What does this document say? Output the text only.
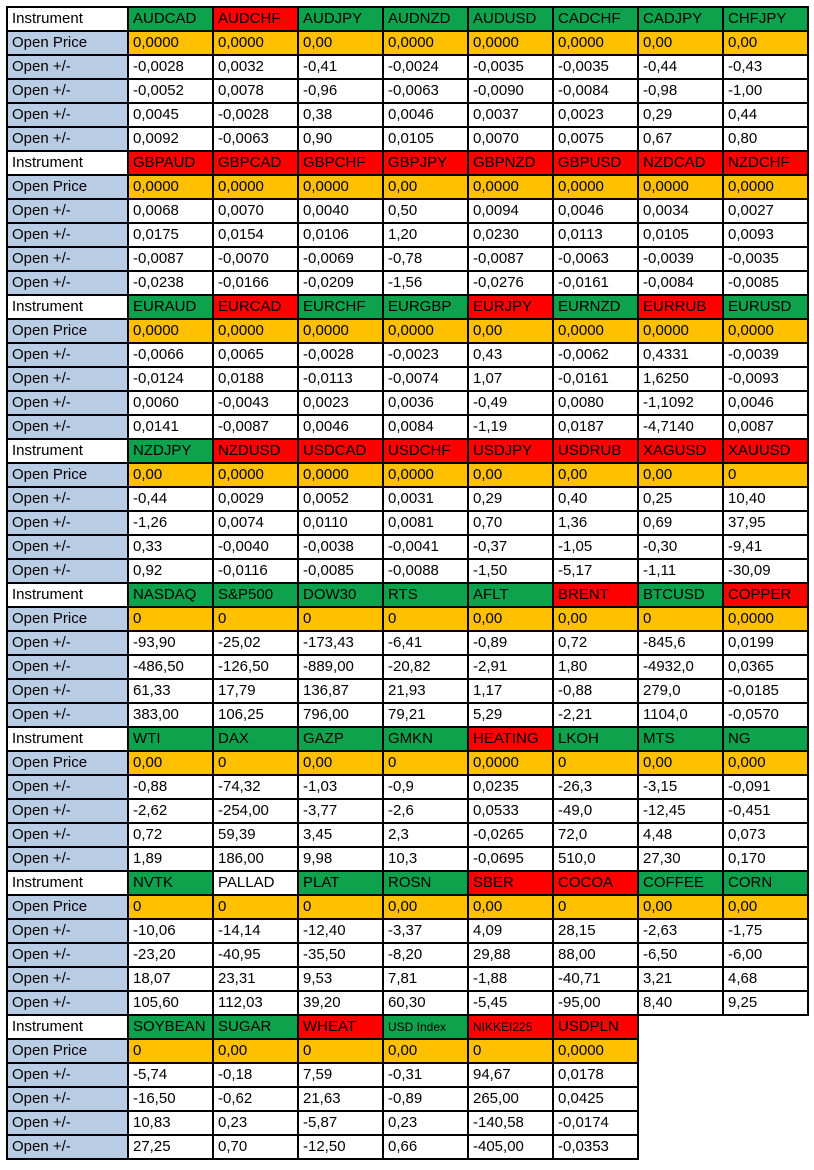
Instrument	AUDCAD	AUDCHF	AUDJPY	AUDNZD	AUDUSD	CADCHF	CADJPY	CHFJPY
Open Price	0,0000	0,0000	0,00	0,0000	0,0000	0,0000	0,00	0,00
Open +/-	-0,0028	0,0032	-0,41	-0,0024	-0,0035	-0,0035	-0,44	-0,43
Open +/-	-0,0052	0,0078	-0,96	-0,0063	-0,0090	-0,0084	-0,98	-1,00
Open +/-	0,0045	-0,0028	0,38	0,0046	0,0037	0,0023	0,29	0,44
Open +/-	0,0092	-0,0063	0,90	0,0105	0,0070	0,0075	0,67	0,80
Instrument	GBPAUD	GBPCAD	GBPCHF	GBPJPY	GBPNZD	GBPUSD	NZDCAD	NZDCHF
Open Price	0,0000	0,0000	0,0000	0,00	0,0000	0,0000	0,0000	0,0000
Open +/-	0,0068	0,0070	0,0040	0,50	0,0094	0,0046	0,0034	0,0027
Open +/-	0,0175	0,0154	0,0106	1,20	0,0230	0,0113	0,0105	0,0093
Open +/-	-0,0087	-0,0070	-0,0069	-0,78	-0,0087	-0,0063	-0,0039	-0,0035
Open +/-	-0,0238	-0,0166	-0,0209	-1,56	-0,0276	-0,0161	-0,0084	-0,0085
Instrument	EURAUD	EURCAD	EURCHF	EURGBP	EURJPY	EURNZD	EURRUB	EURUSD
Open Price	0,0000	0,0000	0,0000	0,0000	0,00	0,0000	0,0000	0,0000
Open +/-	-0,0066	0,0065	-0,0028	-0,0023	0,43	-0,0062	0,4331	-0,0039
Open +/-	-0,0124	0,0188	-0,0113	-0,0074	1,07	-0,0161	1,6250	-0,0093
Open +/-	0,0060	-0,0043	0,0023	0,0036	-0,49	0,0080	-1,1092	0,0046
Open +/-	0,0141	-0,0087	0,0046	0,0084	-1,19	0,0187	-4,7140	0,0087
Instrument	NZDJPY	NZDUSD	USDCAD	USDCHF	USDJPY	USDRUB	XAGUSD	XAUUSD
Open Price	0,00	0,0000	0,0000	0,0000	0,00	0,00	0,00	0
Open +/-	-0,44	0,0029	0,0052	0,0031	0,29	0,40	0,25	10,40
Open +/-	-1,26	0,0074	0,0110	0,0081	0,70	1,36	0,69	37,95
Open +/-	0,33	-0,0040	-0,0038	-0,0041	-0,37	-1,05	-0,30	-9,41
Open +/-	0,92	-0,0116	-0,0085	-0,0088	-1,50	-5,17	-1,11	-30,09
Instrument	NASDAQ	S&P500	DOW30	RTS	AFLT	BRENT	BTCUSD	COPPER
Open Price	0	0	0	0	0,00	0,00	0	0,0000
Open +/-	-93,90	-25,02	-173,43	-6,41	-0,89	0,72	-845,6	0,0199
Open +/-	-486,50	-126,50	-889,00	-20,82	-2,91	1,80	-4932,0	0,0365
Open +/-	61,33	17,79	136,87	21,93	1,17	-0,88	279,0	-0,0185
Open +/-	383,00	106,25	796,00	79,21	5,29	-2,21	1104,0	-0,0570
Instrument	WTI	DAX	GAZP	GMKN	HEATING	LKOH	MTS	NG
Open Price	0,00	0	0,00	0	0,0000	0	0,00	0,000
Open +/-	-0,88	-74,32	-1,03	-0,9	0,0235	-26,3	-3,15	-0,091
Open +/-	-2,62	-254,00	-3,77	-2,6	0,0533	-49,0	-12,45	-0,451
Open +/-	0,72	59,39	3,45	2,3	-0,0265	72,0	4,48	0,073
Open +/-	1,89	186,00	9,98	10,3	-0,0695	510,0	27,30	0,170
Instrument	NVTK	PALLAD	PLAT	ROSN	SBER	COCOA	COFFEE	CORN
Open Price	0	0	0	0,00	0,00	0	0,00	0,00
Open +/-	-10,06	-14,14	-12,40	-3,37	4,09	28,15	-2,63	-1,75
Open +/-	-23,20	-40,95	-35,50	-8,20	29,88	88,00	-6,50	-6,00
Open +/-	18,07	23,31	9,53	7,81	-1,88	-40,71	3,21	4,68
Open +/-	105,60	112,03	39,20	60,30	-5,45	-95,00	8,40	9,25
Instrument	SOYBEAN	SUGAR	WHEAT	USD Index	NIKKEI225	USDPLN		
Open Price	0	0,00	0	0,00	0	0,0000		
Open +/-	-5,74	-0,18	7,59	-0,31	94,67	0,0178		
Open +/-	-16,50	-0,62	21,63	-0,89	265,00	0,0425		
Open +/-	10,83	0,23	-5,87	0,23	-140,58	-0,0174		
Open +/-	27,25	0,70	-12,50	0,66	-405,00	-0,0353		
